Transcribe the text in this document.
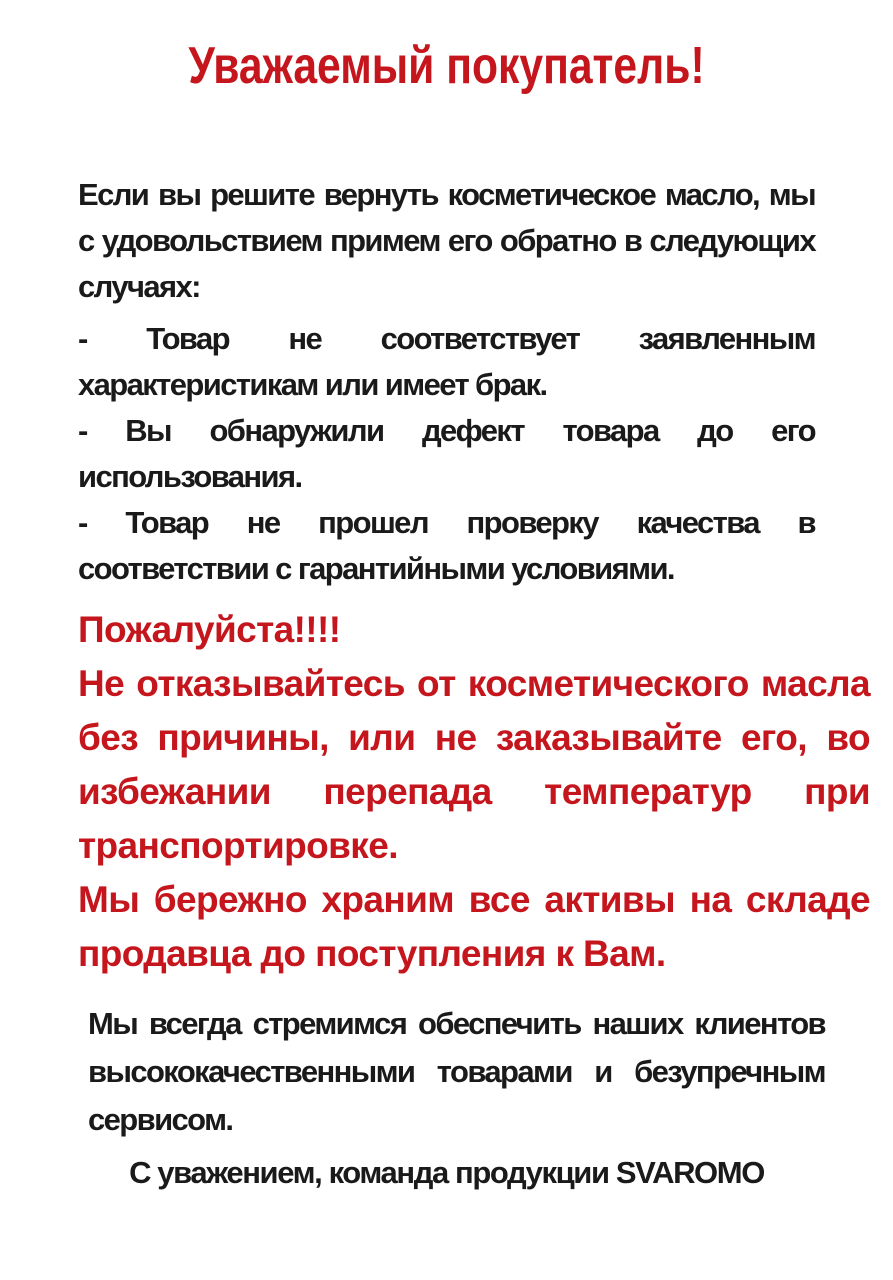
Уважаемый покупатель!
Если вы решите вернуть косметическое масло, мы с удовольствием примем его обратно в следующих случаях:

- Товар не соответствует заявленным характеристикам или имеет брак.

- Вы обнаружили дефект товара до его использования.

- Товар не прошел проверку качества в соответствии с гарантийными условиями.

Пожалуйста!!!!

Не отказывайтесь от косметического масла без причины, или не заказывайте его, во избежании перепада температур при транспортировке.

Мы бережно храним все активы на складе продавца до поступления к Вам.

Мы всегда стремимся обеспечить наших клиентов высококачественными товарами и безупречным сервисом.
С уважением, команда продукции SVAROMO
